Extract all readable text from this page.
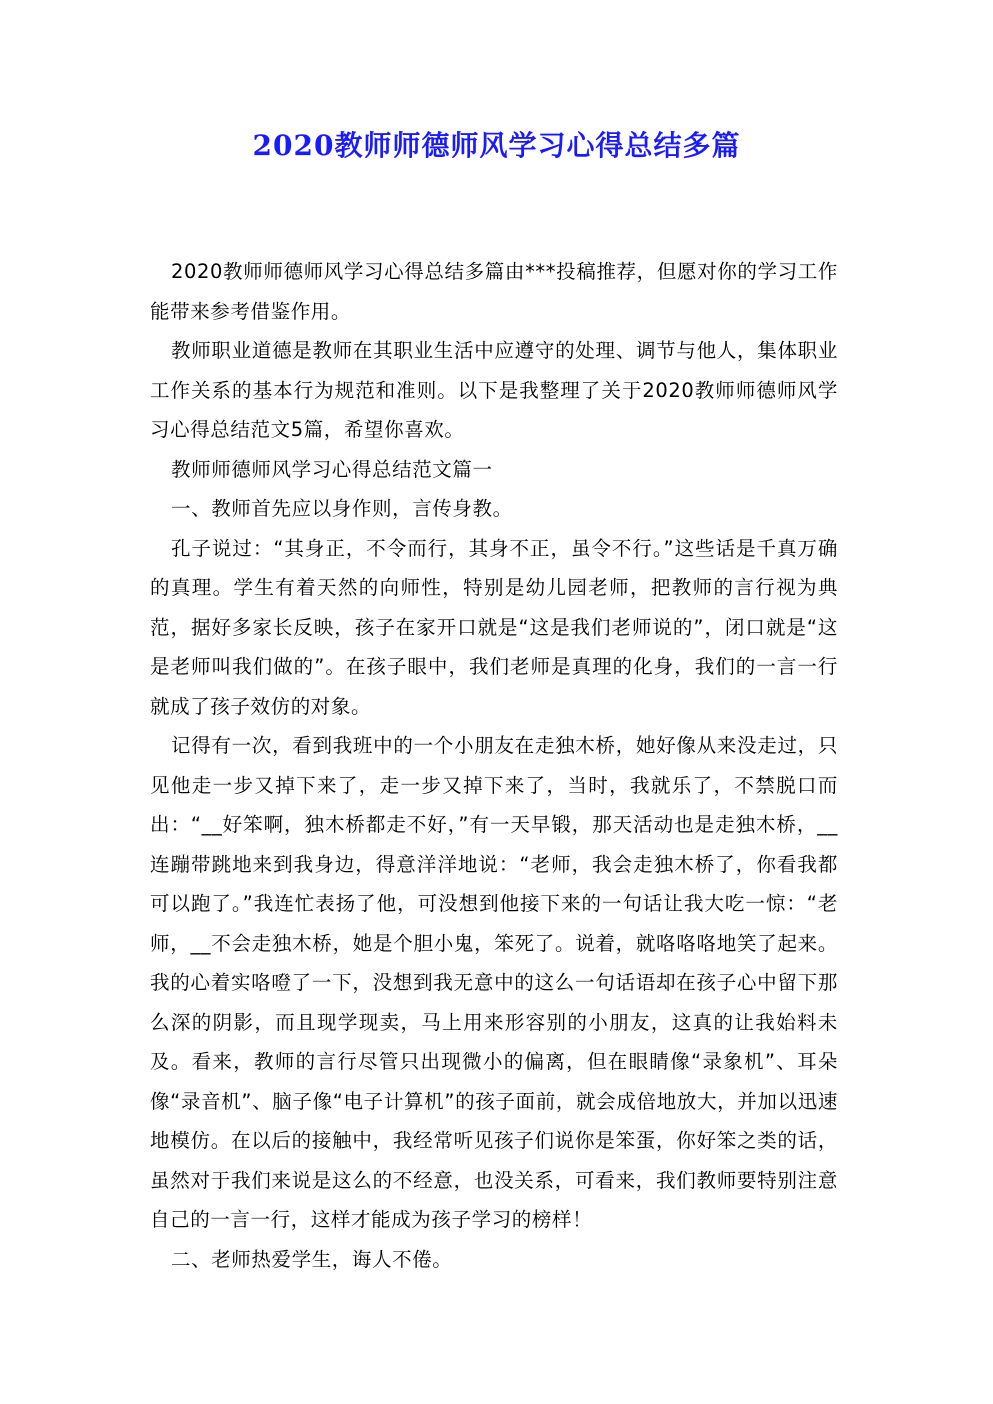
2020教师师德师风学习心得总结多篇

2020教师师德师风学习心得总结多篇由***投稿推荐，但愿对你的学习工作能带来参考借鉴作用。

教师职业道德是教师在其职业生活中应遵守的处理、调节与他人，集体职业工作关系的基本行为规范和准则。以下是我整理了关于2020教师师德师风学习心得总结范文5篇，希望你喜欢。

教师师德师风学习心得总结范文篇一

一、教师首先应以身作则，言传身教。

孔子说过：“其身正，不令而行，其身不正，虽令不行。”这些话是千真万确的真理。学生有着天然的向师性，特别是幼儿园老师，把教师的言行视为典范，据好多家长反映，孩子在家开口就是“这是我们老师说的”，闭口就是“这是老师叫我们做的”。在孩子眼中，我们老师是真理的化身，我们的一言一行就成了孩子效仿的对象。

记得有一次，看到我班中的一个小朋友在走独木桥，她好像从来没走过，只见他走一步又掉下来了，走一步又掉下来了，当时，我就乐了，不禁脱口而出：“__好笨啊，独木桥都走不好，”有一天早锻，那天活动也是走独木桥，__连蹦带跳地来到我身边，得意洋洋地说：“老师，我会走独木桥了，你看我都可以跑了。”我连忙表扬了他，可没想到他接下来的一句话让我大吃一惊：“老师，__不会走独木桥，她是个胆小鬼，笨死了。说着，就咯咯咯地笑了起来。我的心着实咯噔了一下，没想到我无意中的这么一句话语却在孩子心中留下那么深的阴影，而且现学现卖，马上用来形容别的小朋友，这真的让我始料未及。看来，教师的言行尽管只出现微小的偏离，但在眼睛像“录象机”、耳朵像“录音机”、脑子像“电子计算机”的孩子面前，就会成倍地放大，并加以迅速地模仿。在以后的接触中，我经常听见孩子们说你是笨蛋，你好笨之类的话，虽然对于我们来说是这么的不经意，也没关系，可看来，我们教师要特别注意自己的一言一行，这样才能成为孩子学习的榜样！

二、老师热爱学生，诲人不倦。
